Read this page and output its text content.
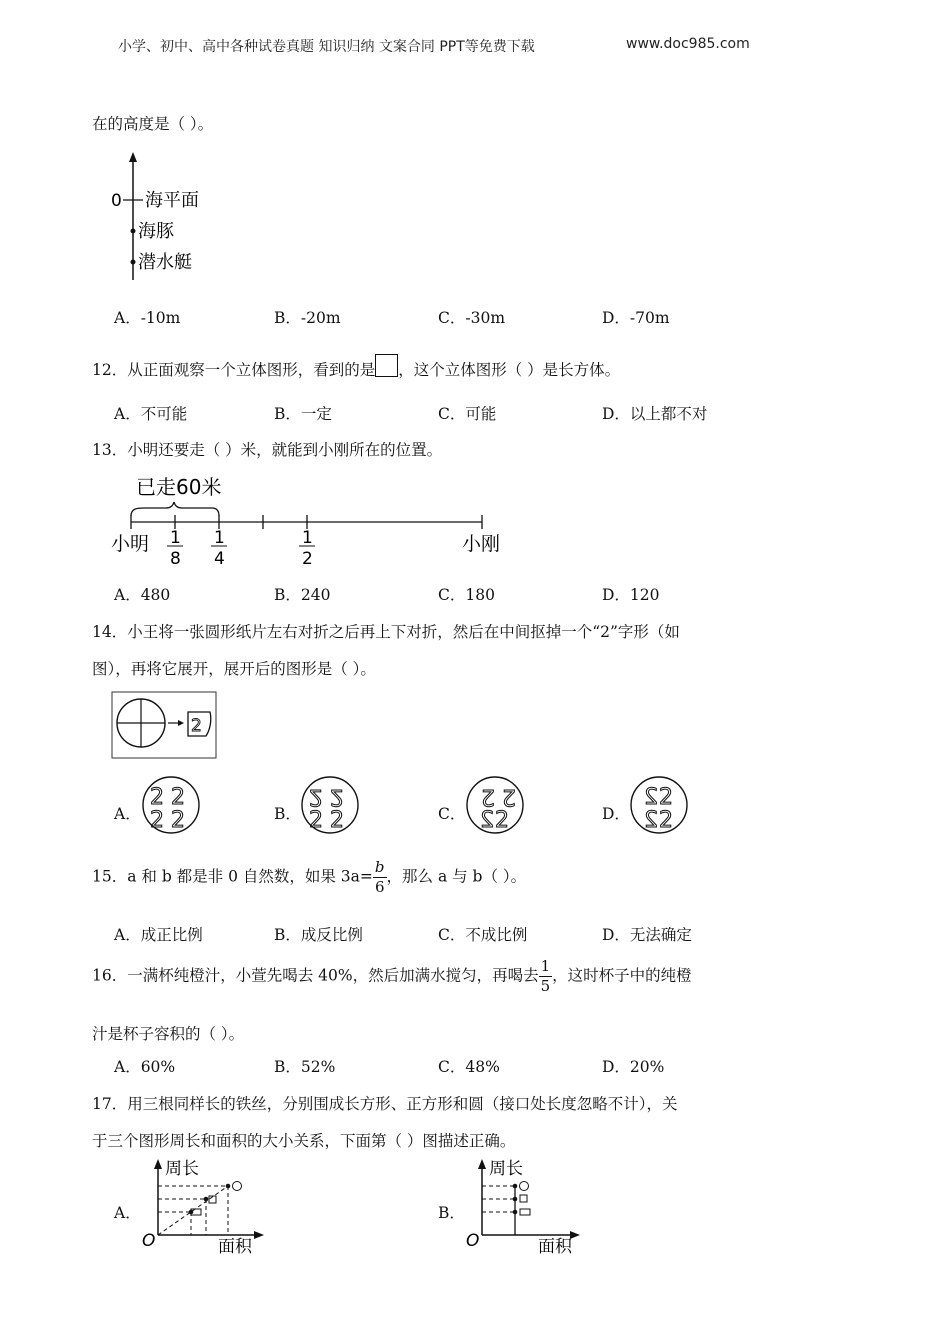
小学、初中、高中各种试卷真题 知识归纳 文案合同 PPT等免费下载	www.doc985.com
在的高度是（ ）。
0 海平面
海豚
潜水艇
A．-10m	B．-20m	C．-30m	D．-70m
12．从正面观察一个立体图形，看到的是 ，这个立体图形（ ）是长方体。
A．不可能	B．一定	C．可能	D．以上都不对
13．小明还要走（ ）米，就能到小刚所在的位置。
已走60米
小明	小刚
1
8
1
4
1
2
A．480	B．240	C．180	D．120
14．小王将一张圆形纸片左右对折之后再上下对折，然后在中间抠掉一个“2”字形（如
图），再将它展开，展开后的图形是（ ）。
2
A．
2 2
2 2	B．
2 2
2 2	C．
2
2
2 2	D．
2
2
2
2
15．a 和 b 都是非 0 自然数，如果 $3a= \frac{b}{6}$ ，那么 a 与 b（ ）。
A．成正比例	B．成反比例	C．不成比例	D．无法确定
16．一满杯纯橙汁，小萱先喝去 40%，然后加满水搅匀，再喝去 $\frac{1}{5}$ ，这时杯子中的纯橙
汁是杯子容积的（ ）。
A．60%	B．52%	C．48%	D．20%
17．用三根同样长的铁丝，分别围成长方形、正方形和圆（接口处长度忽略不计），关
于三个图形周长和面积的大小关系，下面第（ ）图描述正确。
A．
周长
面积
O
B．
周长
面积
O
